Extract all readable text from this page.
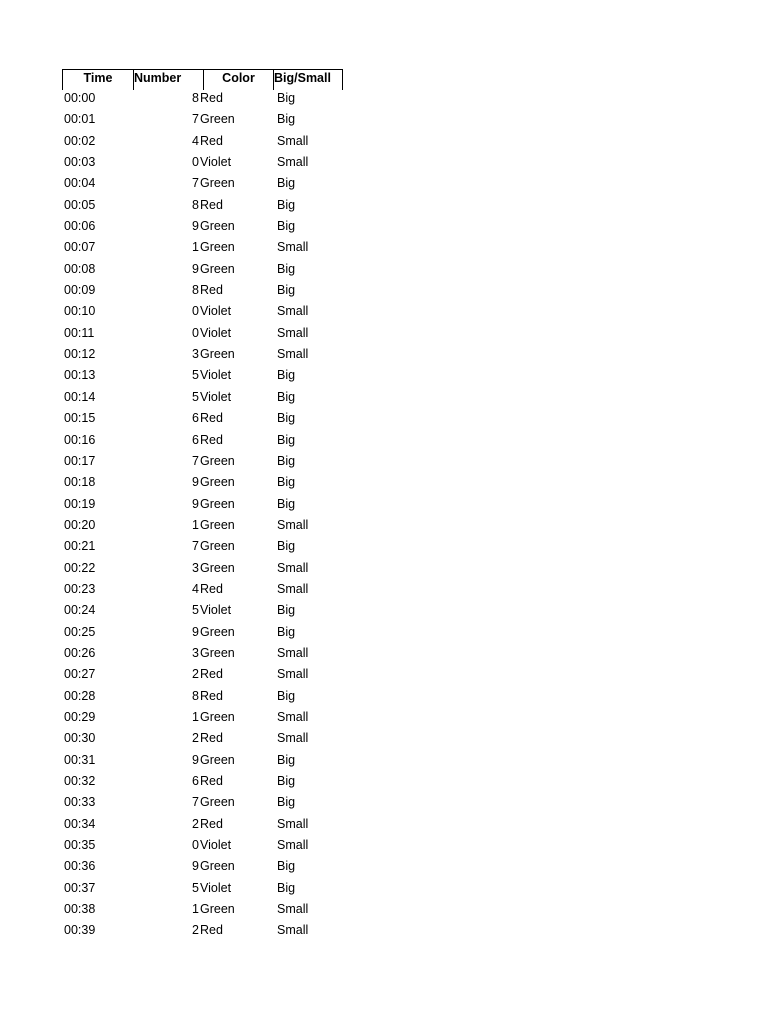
Time	Number	Color	Big/Small
00:00	8 Red	Big
00:01	7 Green	Big
00:02	4 Red	Small
00:03	0 Violet	Small
00:04	7 Green	Big
00:05	8 Red	Big
00:06	9 Green	Big
00:07	1 Green	Small
00:08	9 Green	Big
00:09	8 Red	Big
00:10	0 Violet	Small
00:11	0 Violet	Small
00:12	3 Green	Small
00:13	5 Violet	Big
00:14	5 Violet	Big
00:15	6 Red	Big
00:16	6 Red	Big
00:17	7 Green	Big
00:18	9 Green	Big
00:19	9 Green	Big
00:20	1 Green	Small
00:21	7 Green	Big
00:22	3 Green	Small
00:23	4 Red	Small
00:24	5 Violet	Big
00:25	9 Green	Big
00:26	3 Green	Small
00:27	2 Red	Small
00:28	8 Red	Big
00:29	1 Green	Small
00:30	2 Red	Small
00:31	9 Green	Big
00:32	6 Red	Big
00:33	7 Green	Big
00:34	2 Red	Small
00:35	0 Violet	Small
00:36	9 Green	Big
00:37	5 Violet	Big
00:38	1 Green	Small
00:39	2 Red	Small
